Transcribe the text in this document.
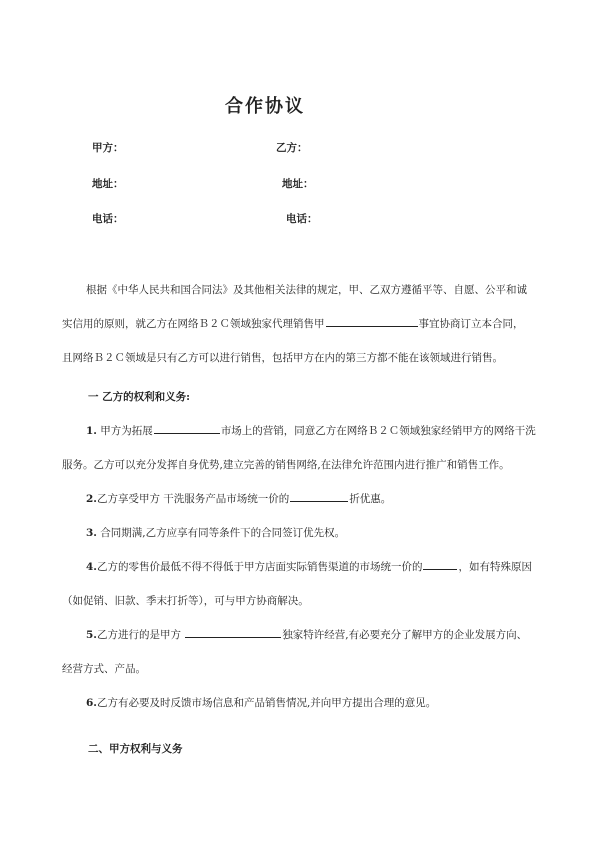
合作协议
甲方：	乙方：
地址：	地址：
电话：	电话：
根据《中华人民共和国合同法》及其他相关法律的规定，甲、乙双方遵循平等、自愿、公平和诚
实信用的原则，就乙方在网络Ｂ２Ｃ领域独家代理销售甲	事宜协商订立本合同，
且网络Ｂ２Ｃ领域是只有乙方可以进行销售，包括甲方在内的第三方都不能在该领域进行销售。
一 乙方的权利和义务:
1. 甲方为拓展	市场上的营销，同意乙方在网络Ｂ２Ｃ领域独家经销甲方的网络干洗
服务。乙方可以充分发挥自身优势,建立完善的销售网络,在法律允许范围内进行推广和销售工作。
2.乙方享受甲方 干洗服务产品市场统一价的	折优惠。
3. 合同期满,乙方应享有同等条件下的合同签订优先权。
4.乙方的零售价最低不得不得低于甲方店面实际销售渠道的市场统一价的	，如有特殊原因
（如促销、旧款、季末打折等），可与甲方协商解决。
5.乙方进行的是甲方	独家特许经营,有必要充分了解甲方的企业发展方向、
经营方式、产品。
6.乙方有必要及时反馈市场信息和产品销售情况,并向甲方提出合理的意见。
二、甲方权利与义务
